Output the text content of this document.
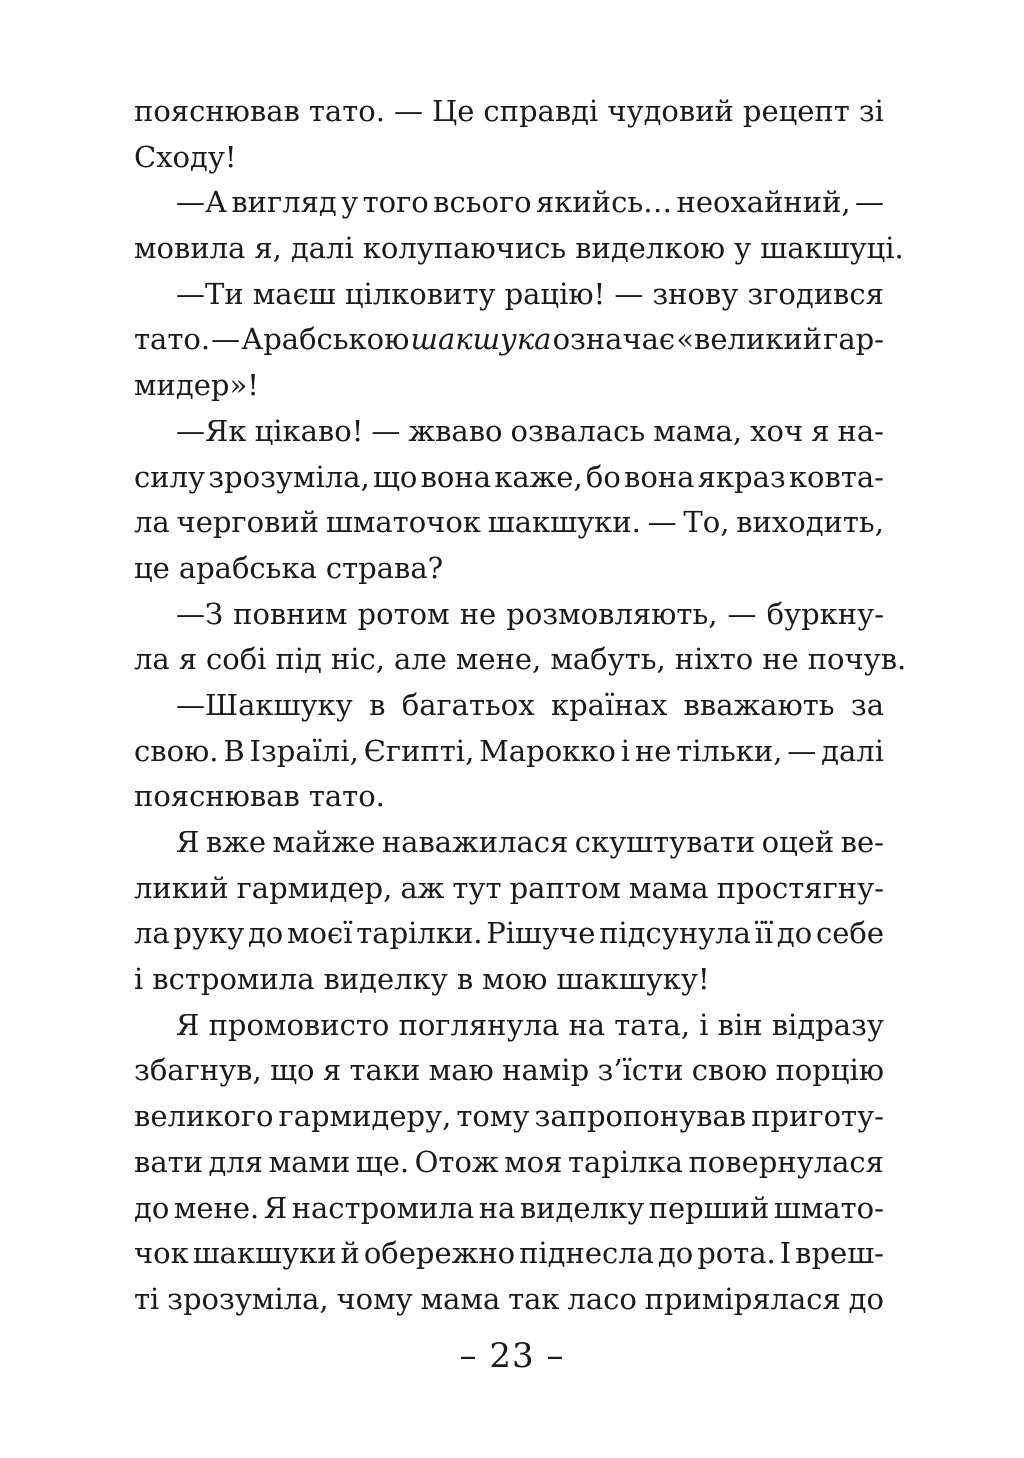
пояснював тато. — Це справді чудовий рецепт зі
Сходу!
—А вигляд у того всього якийсь… неохайний, —
мовила я, далі колупаючись виделкою у шакшуці.
—Ти маєш цілковиту рацію! — знову згодився
тато. — Арабською шакшука означає «великий гар-
мидер»!
—Як цікаво! — жваво озвалась мама, хоч я на-
силу зрозуміла, що вона каже, бо вона якраз ковта-
ла черговий шматочок шакшуки. — То, виходить,
це арабська страва?
—З повним ротом не розмовляють, — буркну-
ла я собі під ніс, але мене, мабуть, ніхто не почув.
—Шакшуку в багатьох країнах вважають за
свою. В Ізраїлі, Єгипті, Марокко і не тільки, — далі
пояснював тато.
Я вже майже наважилася скуштувати оцей ве-
ликий гармидер, аж тут раптом мама простягну-
ла руку до моєї тарілки. Рішуче підсунула її до себе
і встромила виделку в мою шакшуку!
Я промовисто поглянула на тата, і він відразу
збагнув, що я таки маю намір з’їсти свою порцію
великого гармидеру, тому запропонував приготу-
вати для мами ще. Отож моя тарілка повернулася
до мене. Я настромила на виделку перший шмато-
чок шакшуки й обережно піднесла до рота. І вреш-
ті зрозуміла, чому мама так ласо примірялася до
– 23 –
